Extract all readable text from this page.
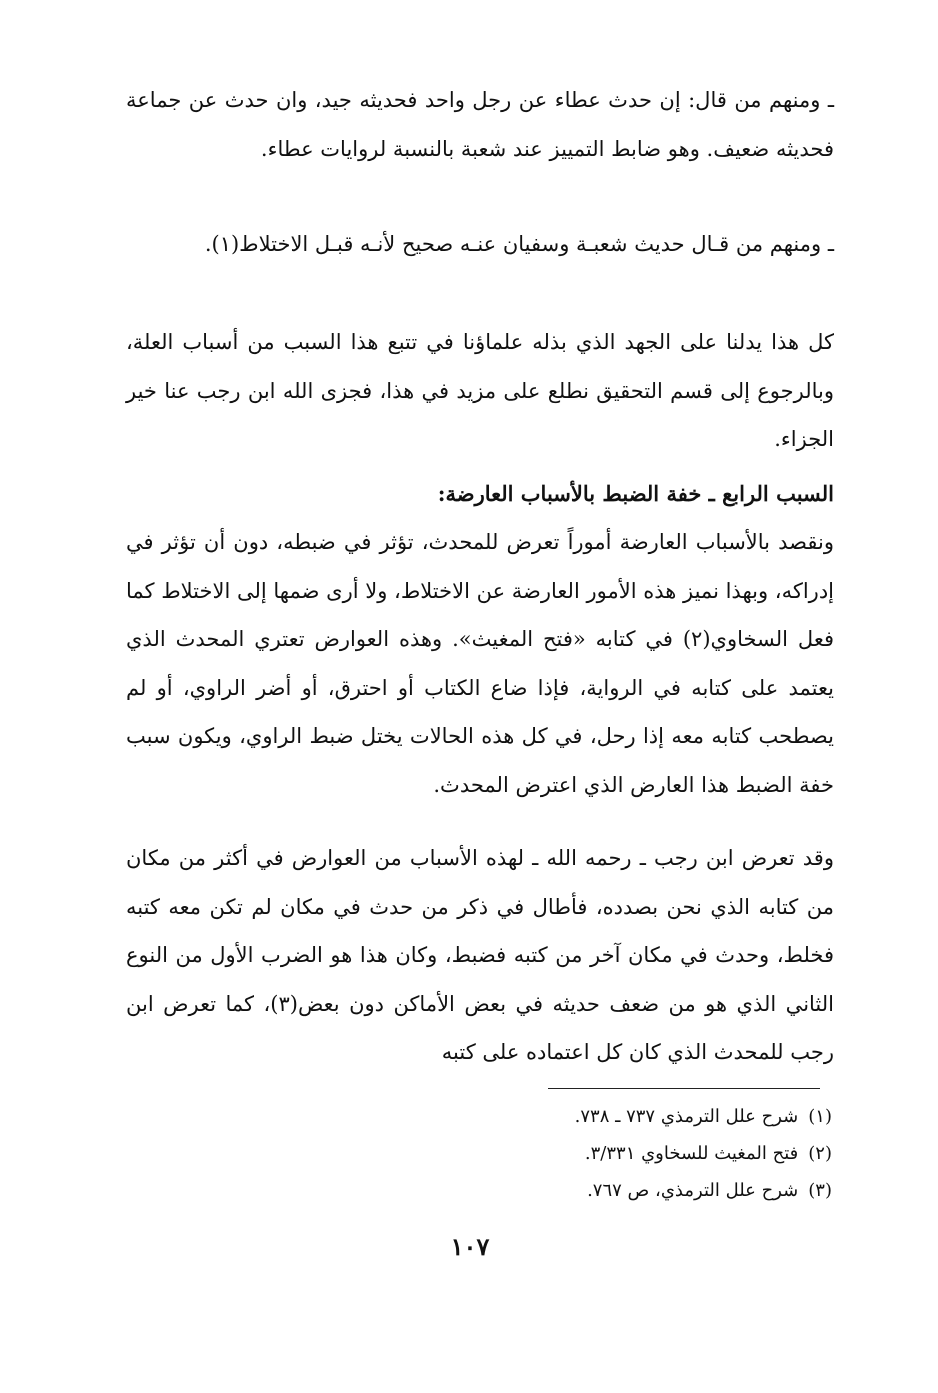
ـ ومنهم من قال: إن حدث عطاء عن رجل واحد فحديثه جيد، وان حدث عن جماعة فحديثه ضعيف. وهو ضابط التمييز عند شعبة بالنسبة لروايات عطاء.

ـ ومنهم من قـال حديث شعبـة وسفيان عنـه صحيح لأنـه قبـل الاختلاط(١).

كل هذا يدلنا على الجهد الذي بذله علماؤنا في تتبع هذا السبب من أسباب العلة، وبالرجوع إلى قسم التحقيق نطلع على مزيد في هذا، فجزى الله ابن رجب عنا خير الجزاء.

السبب الرابع ـ خفة الضبط بالأسباب العارضة:

ونقصد بالأسباب العارضة أموراً تعرض للمحدث، تؤثر في ضبطه، دون أن تؤثر في إدراكه، وبهذا نميز هذه الأمور العارضة عن الاختلاط، ولا أرى ضمها إلى الاختلاط كما فعل السخاوي(٢) في كتابه «فتح المغيث». وهذه العوارض تعتري المحدث الذي يعتمد على كتابه في الرواية، فإذا ضاع الكتاب أو احترق، أو أضر الراوي، أو لم يصطحب كتابه معه إذا رحل، في كل هذه الحالات يختل ضبط الراوي، ويكون سبب خفة الضبط هذا العارض الذي اعترض المحدث.

وقد تعرض ابن رجب ـ رحمه الله ـ لهذه الأسباب من العوارض في أكثر من مكان من كتابه الذي نحن بصدده، فأطال في ذكر من حدث في مكان لم تكن معه كتبه فخلط، وحدث في مكان آخر من كتبه فضبط، وكان هذا هو الضرب الأول من النوع الثاني الذي هو من ضعف حديثه في بعض الأماكن دون بعض(٣)، كما تعرض ابن رجب للمحدث الذي كان كل اعتماده على كتبه

(١)شرح علل الترمذي ٧٣٧ ـ ٧٣٨.
(٢)فتح المغيث للسخاوي ٣/٣٣١.
(٣)شرح علل الترمذي، ص ٧٦٧.
١٠٧
